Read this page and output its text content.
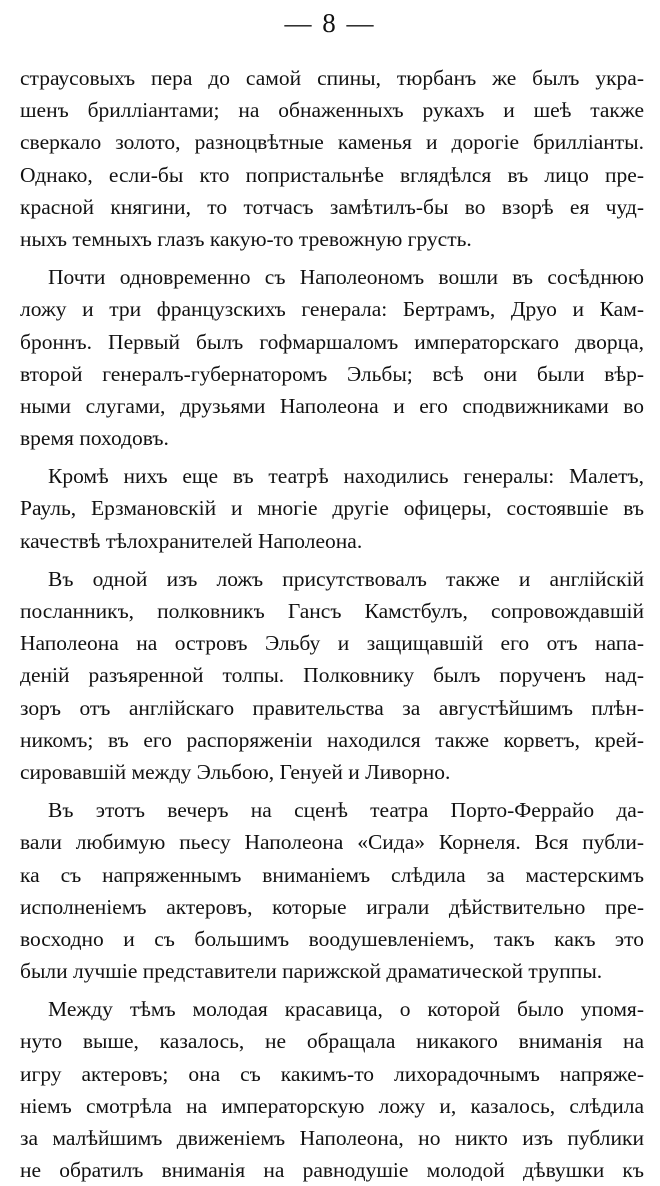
— 8 —
страусовыхъ пера до самой спины, тюрбанъ же былъ укра-
шенъ брилліантами; на обнаженныхъ рукахъ и шеѣ также
сверкало золото, разноцвѣтные каменья и дорогіе брилліанты.
Однако, если-бы кто попристальнѣе вглядѣлся въ лицо пре-
красной княгини, то тотчасъ замѣтилъ-бы во взорѣ ея чуд-
ныхъ темныхъ глазъ какую-то тревожную грусть.
Почти одновременно съ Наполеономъ вошли въ сосѣднюю
ложу и три французскихъ генерала: Бертрамъ, Друо и Кам-
броннъ. Первый былъ гофмаршаломъ императорскаго дворца,
второй генералъ-губернаторомъ Эльбы; всѣ они были вѣр-
ными слугами, друзьями Наполеона и его сподвижниками во
время походовъ.
Кромѣ нихъ еще въ театрѣ находились генералы: Малетъ,
Рауль, Ерзмановскій и многіе другіе офицеры, состоявшіе въ
качествѣ тѣлохранителей Наполеона.
Въ одной изъ ложъ присутствовалъ также и англійскій
посланникъ, полковникъ Гансъ Камстбулъ, сопровождавшій
Наполеона на островъ Эльбу и защищавшій его отъ напа-
деній разъяренной толпы. Полковнику былъ порученъ над-
зоръ отъ англійскаго правительства за августѣйшимъ плѣн-
никомъ; въ его распоряженіи находился также корветъ, крей-
сировавшій между Эльбою, Генуей и Ливорно.
Въ этотъ вечеръ на сценѣ театра Порто-Феррайо да-
вали любимую пьесу Наполеона «Сида» Корнеля. Вся публи-
ка съ напряженнымъ вниманіемъ слѣдила за мастерскимъ
исполненіемъ актеровъ, которые играли дѣйствительно пре-
восходно и съ большимъ воодушевленіемъ, такъ какъ это
были лучшіе представители парижской драматической труппы.
Между тѣмъ молодая красавица, о которой было упомя-
нуто выше, казалось, не обращала никакого вниманія на
игру актеровъ; она съ какимъ-то лихорадочнымъ напряже-
ніемъ смотрѣла на императорскую ложу и, казалось, слѣдила
за малѣйшимъ движеніемъ Наполеона, но никто изъ публики
не обратилъ вниманія на равнодушіе молодой дѣвушки къ
